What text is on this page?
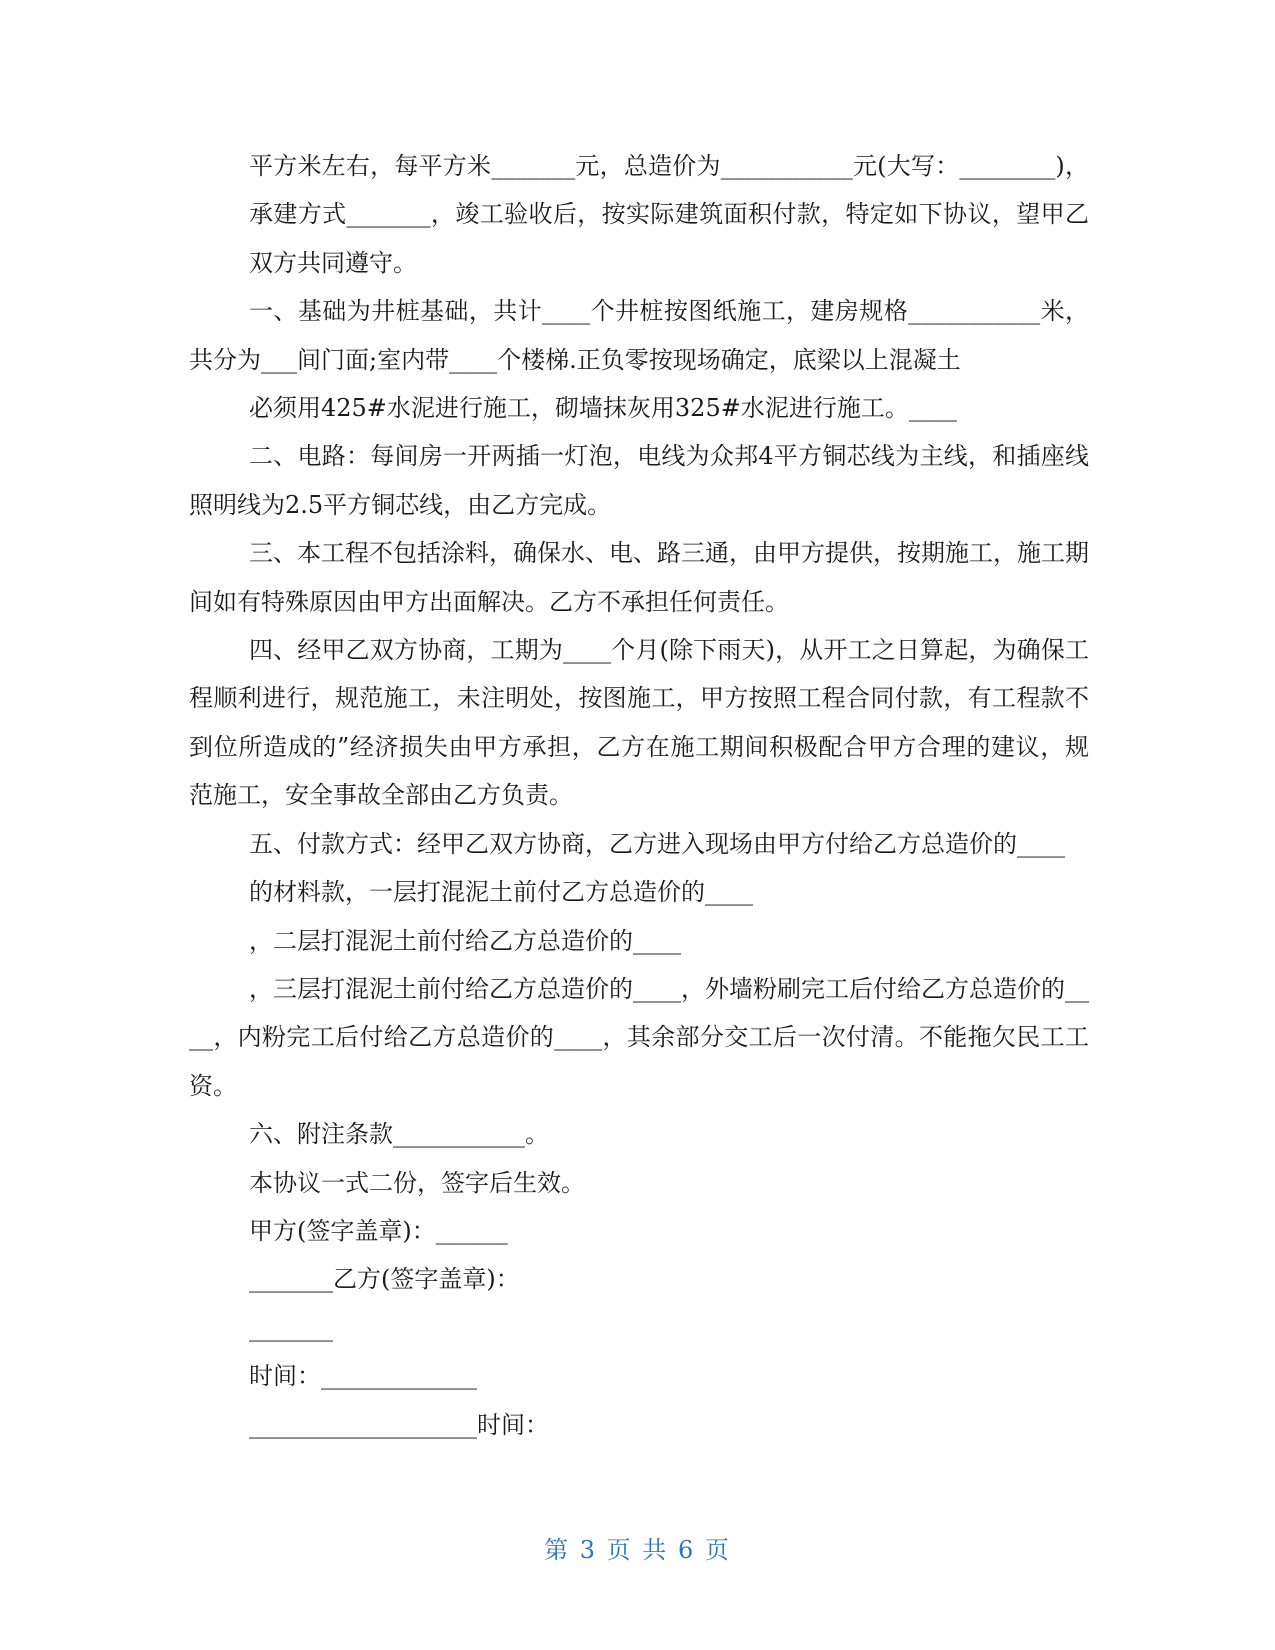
平方米左右，每平方米_______元，总造价为___________元(大写：________)，承建方式_______，竣工验收后，按实际建筑面积付款，特定如下协议，望甲乙双方共同遵守。

一、基础为井桩基础，共计____个井桩按图纸施工，建房规格___________米，共分为___间门面;室内带____个楼梯.正负零按现场确定，底梁以上混凝土

必须用425#水泥进行施工，砌墙抹灰用325#水泥进行施工。____

二、电路：每间房一开两插一灯泡，电线为众邦4平方铜芯线为主线，和插座线照明线为2.5平方铜芯线，由乙方完成。

三、本工程不包括涂料，确保水、电、路三通，由甲方提供，按期施工，施工期间如有特殊原因由甲方出面解决。乙方不承担任何责任。

四、经甲乙双方协商，工期为____个月(除下雨天)，从开工之日算起，为确保工程顺利进行，规范施工，未注明处，按图施工，甲方按照工程合同付款，有工程款不到位所造成的”经济损失由甲方承担，乙方在施工期间积极配合甲方合理的建议，规范施工，安全事故全部由乙方负责。

五、付款方式：经甲乙双方协商，乙方进入现场由甲方付给乙方总造价的____

的材料款，一层打混泥土前付乙方总造价的____

，二层打混泥土前付给乙方总造价的____

，三层打混泥土前付给乙方总造价的____，外墙粉刷完工后付给乙方总造价的____，内粉完工后付给乙方总造价的____，其余部分交工后一次付清。不能拖欠民工工资。

六、附注条款___________。

本协议一式二份，签字后生效。

甲方(签字盖章)：______

_______乙方(签字盖章)：

_______

时间：_____________

___________________时间：

第 3 页 共 6 页
